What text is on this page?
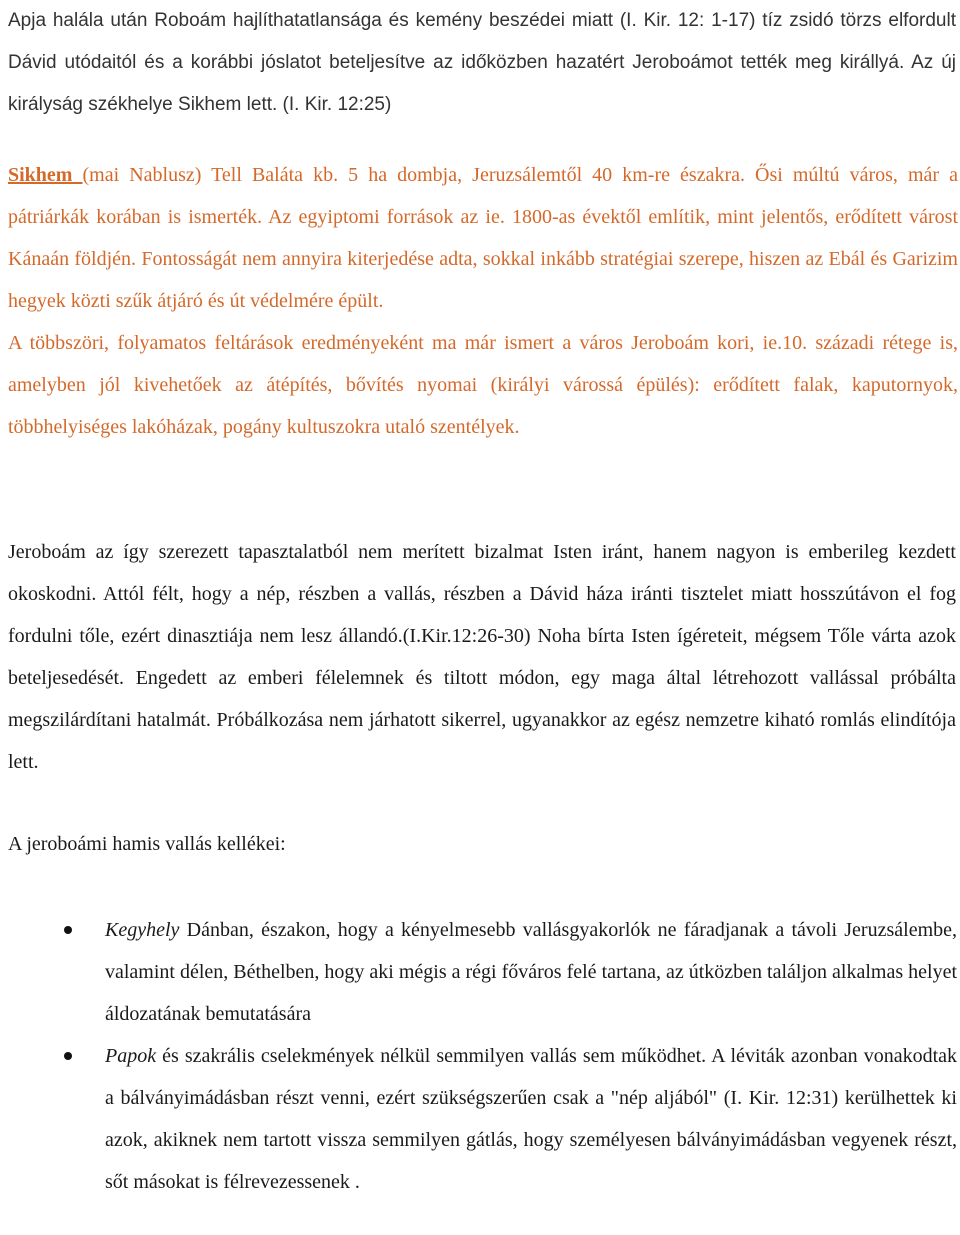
Apja halála után Roboám hajlíthatatlansága és kemény beszédei miatt (I. Kir. 12: 1-17) tíz zsidó törzs elfordult Dávid utódaitól és a korábbi jóslatot beteljesítve az időközben hazatért Jeroboámot tették meg királlyá. Az új királyság székhelye Sikhem lett. (I. Kir. 12:25)

Sikhem (mai Nablusz) Tell Baláta kb. 5 ha dombja, Jeruzsálemtől 40 km-re északra. Ősi múltú város, már a pátriárkák korában is ismerték. Az egyiptomi források az ie. 1800-as évektől említik, mint jelentős, erődített várost Kánaán földjén. Fontosságát nem annyira kiterjedése adta, sokkal inkább stratégiai szerepe, hiszen az Ebál és Garizim hegyek közti szűk átjáró és út védelmére épült.
A többszöri, folyamatos feltárások eredményeként ma már ismert a város Jeroboám kori, ie.10. századi rétege is, amelyben jól kivehetőek az átépítés, bővítés nyomai (királyi várossá épülés): erődített falak, kaputornyok, többhelyiséges lakóházak, pogány kultuszokra utaló szentélyek.

Jeroboám az így szerezett tapasztalatból nem merített bizalmat Isten iránt, hanem nagyon is emberileg kezdett okoskodni. Attól félt, hogy a nép, részben a vallás, részben a Dávid háza iránti tisztelet miatt hosszútávon el fog fordulni tőle, ezért dinasztiája nem lesz állandó.(I.Kir.12:26-30) Noha bírta Isten ígéreteit, mégsem Tőle várta azok beteljesedését. Engedett az emberi félelemnek és tiltott módon, egy maga által létrehozott vallással próbálta megszilárdítani hatalmát. Próbálkozása nem járhatott sikerrel, ugyanakkor az egész nemzetre kiható romlás elindítója lett.

A jeroboámi hamis vallás kellékei:

Kegyhely Dánban, északon, hogy a kényelmesebb vallásgyakorlók ne fáradjanak a távoli Jeruzsálembe, valamint délen, Béthelben, hogy aki mégis a régi főváros felé tartana, az útközben találjon alkalmas helyet áldozatának bemutatására
Papok és szakrális cselekmények nélkül semmilyen vallás sem működhet. A léviták azonban vonakodtak a bálványimádásban részt venni, ezért szükségszerűen csak a "nép aljából" (I. Kir. 12:31) kerülhettek ki azok, akiknek nem tartott vissza semmilyen gátlás, hogy személyesen bálványimádásban vegyenek részt, sőt másokat is félrevezessenek .
